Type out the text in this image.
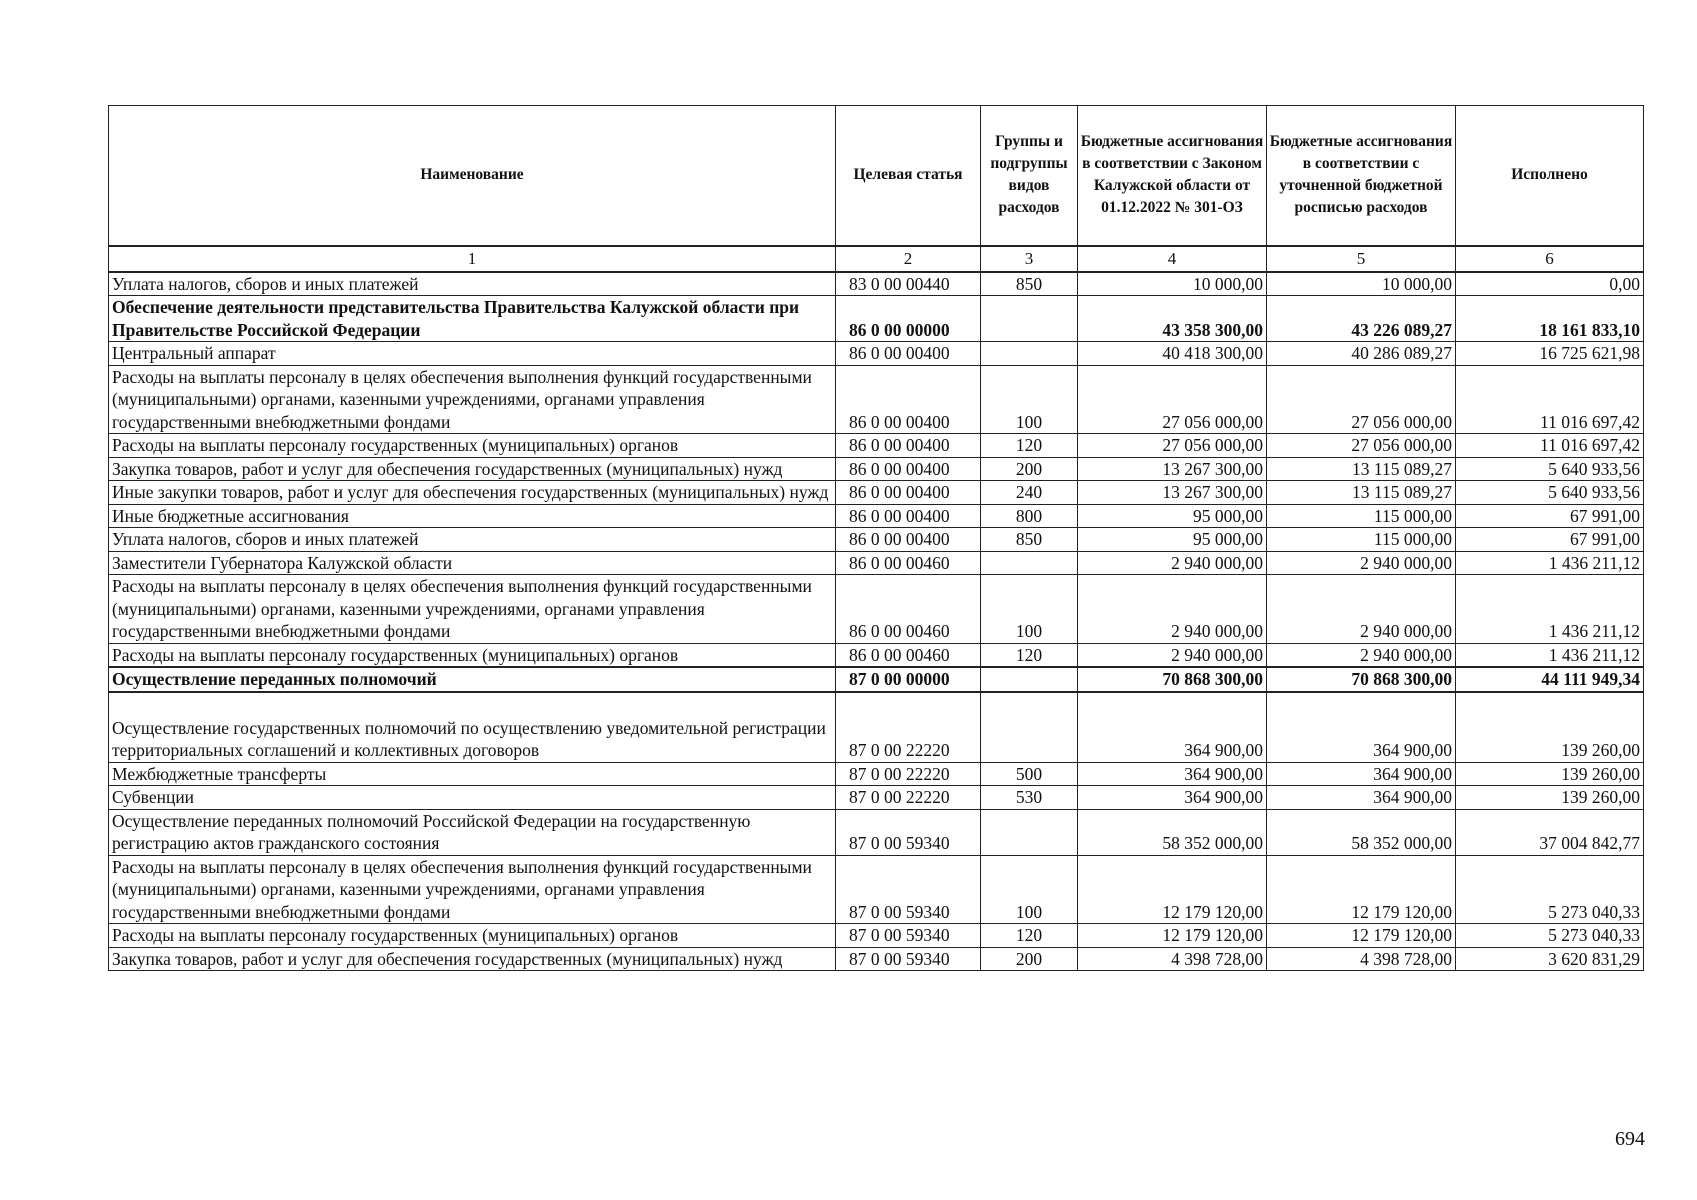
Наименование	Целевая статья	Группы и подгруппы видов расходов	Бюджетные ассигнования в соответствии с Законом Калужской области от 01.12.2022 № 301-ОЗ	Бюджетные ассигнования в соответствии с уточненной бюджетной росписью расходов	Исполнено
1	2	3	4	5	6
Уплата налогов, сборов и иных платежей	83 0 00 00440	850	10 000,00	10 000,00	0,00
Обеспечение деятельности представительства Правительства Калужской области при Правительстве Российской Федерации	86 0 00 00000		43 358 300,00	43 226 089,27	18 161 833,10
Центральный аппарат	86 0 00 00400		40 418 300,00	40 286 089,27	16 725 621,98
Расходы на выплаты персоналу в целях обеспечения выполнения функций государственными (муниципальными) органами, казенными учреждениями, органами управления государственными внебюджетными фондами	86 0 00 00400	100	27 056 000,00	27 056 000,00	11 016 697,42
Расходы на выплаты персоналу государственных (муниципальных) органов	86 0 00 00400	120	27 056 000,00	27 056 000,00	11 016 697,42
Закупка товаров, работ и услуг для обеспечения государственных (муниципальных) нужд	86 0 00 00400	200	13 267 300,00	13 115 089,27	5 640 933,56
Иные закупки товаров, работ и услуг для обеспечения государственных (муниципальных) нужд	86 0 00 00400	240	13 267 300,00	13 115 089,27	5 640 933,56
Иные бюджетные ассигнования	86 0 00 00400	800	95 000,00	115 000,00	67 991,00
Уплата налогов, сборов и иных платежей	86 0 00 00400	850	95 000,00	115 000,00	67 991,00
Заместители Губернатора Калужской области	86 0 00 00460		2 940 000,00	2 940 000,00	1 436 211,12
Расходы на выплаты персоналу в целях обеспечения выполнения функций государственными (муниципальными) органами, казенными учреждениями, органами управления государственными внебюджетными фондами	86 0 00 00460	100	2 940 000,00	2 940 000,00	1 436 211,12
Расходы на выплаты персоналу государственных (муниципальных) органов	86 0 00 00460	120	2 940 000,00	2 940 000,00	1 436 211,12
Осуществление переданных полномочий	87 0 00 00000		70 868 300,00	70 868 300,00	44 111 949,34
Осуществление государственных полномочий по осуществлению уведомительной регистрации территориальных соглашений и коллективных договоров	87 0 00 22220		364 900,00	364 900,00	139 260,00
Межбюджетные трансферты	87 0 00 22220	500	364 900,00	364 900,00	139 260,00
Субвенции	87 0 00 22220	530	364 900,00	364 900,00	139 260,00
Осуществление переданных полномочий Российской Федерации на государственную регистрацию актов гражданского состояния	87 0 00 59340		58 352 000,00	58 352 000,00	37 004 842,77
Расходы на выплаты персоналу в целях обеспечения выполнения функций государственными (муниципальными) органами, казенными учреждениями, органами управления государственными внебюджетными фондами	87 0 00 59340	100	12 179 120,00	12 179 120,00	5 273 040,33
Расходы на выплаты персоналу государственных (муниципальных) органов	87 0 00 59340	120	12 179 120,00	12 179 120,00	5 273 040,33
Закупка товаров, работ и услуг для обеспечения государственных (муниципальных) нужд	87 0 00 59340	200	4 398 728,00	4 398 728,00	3 620 831,29
694
